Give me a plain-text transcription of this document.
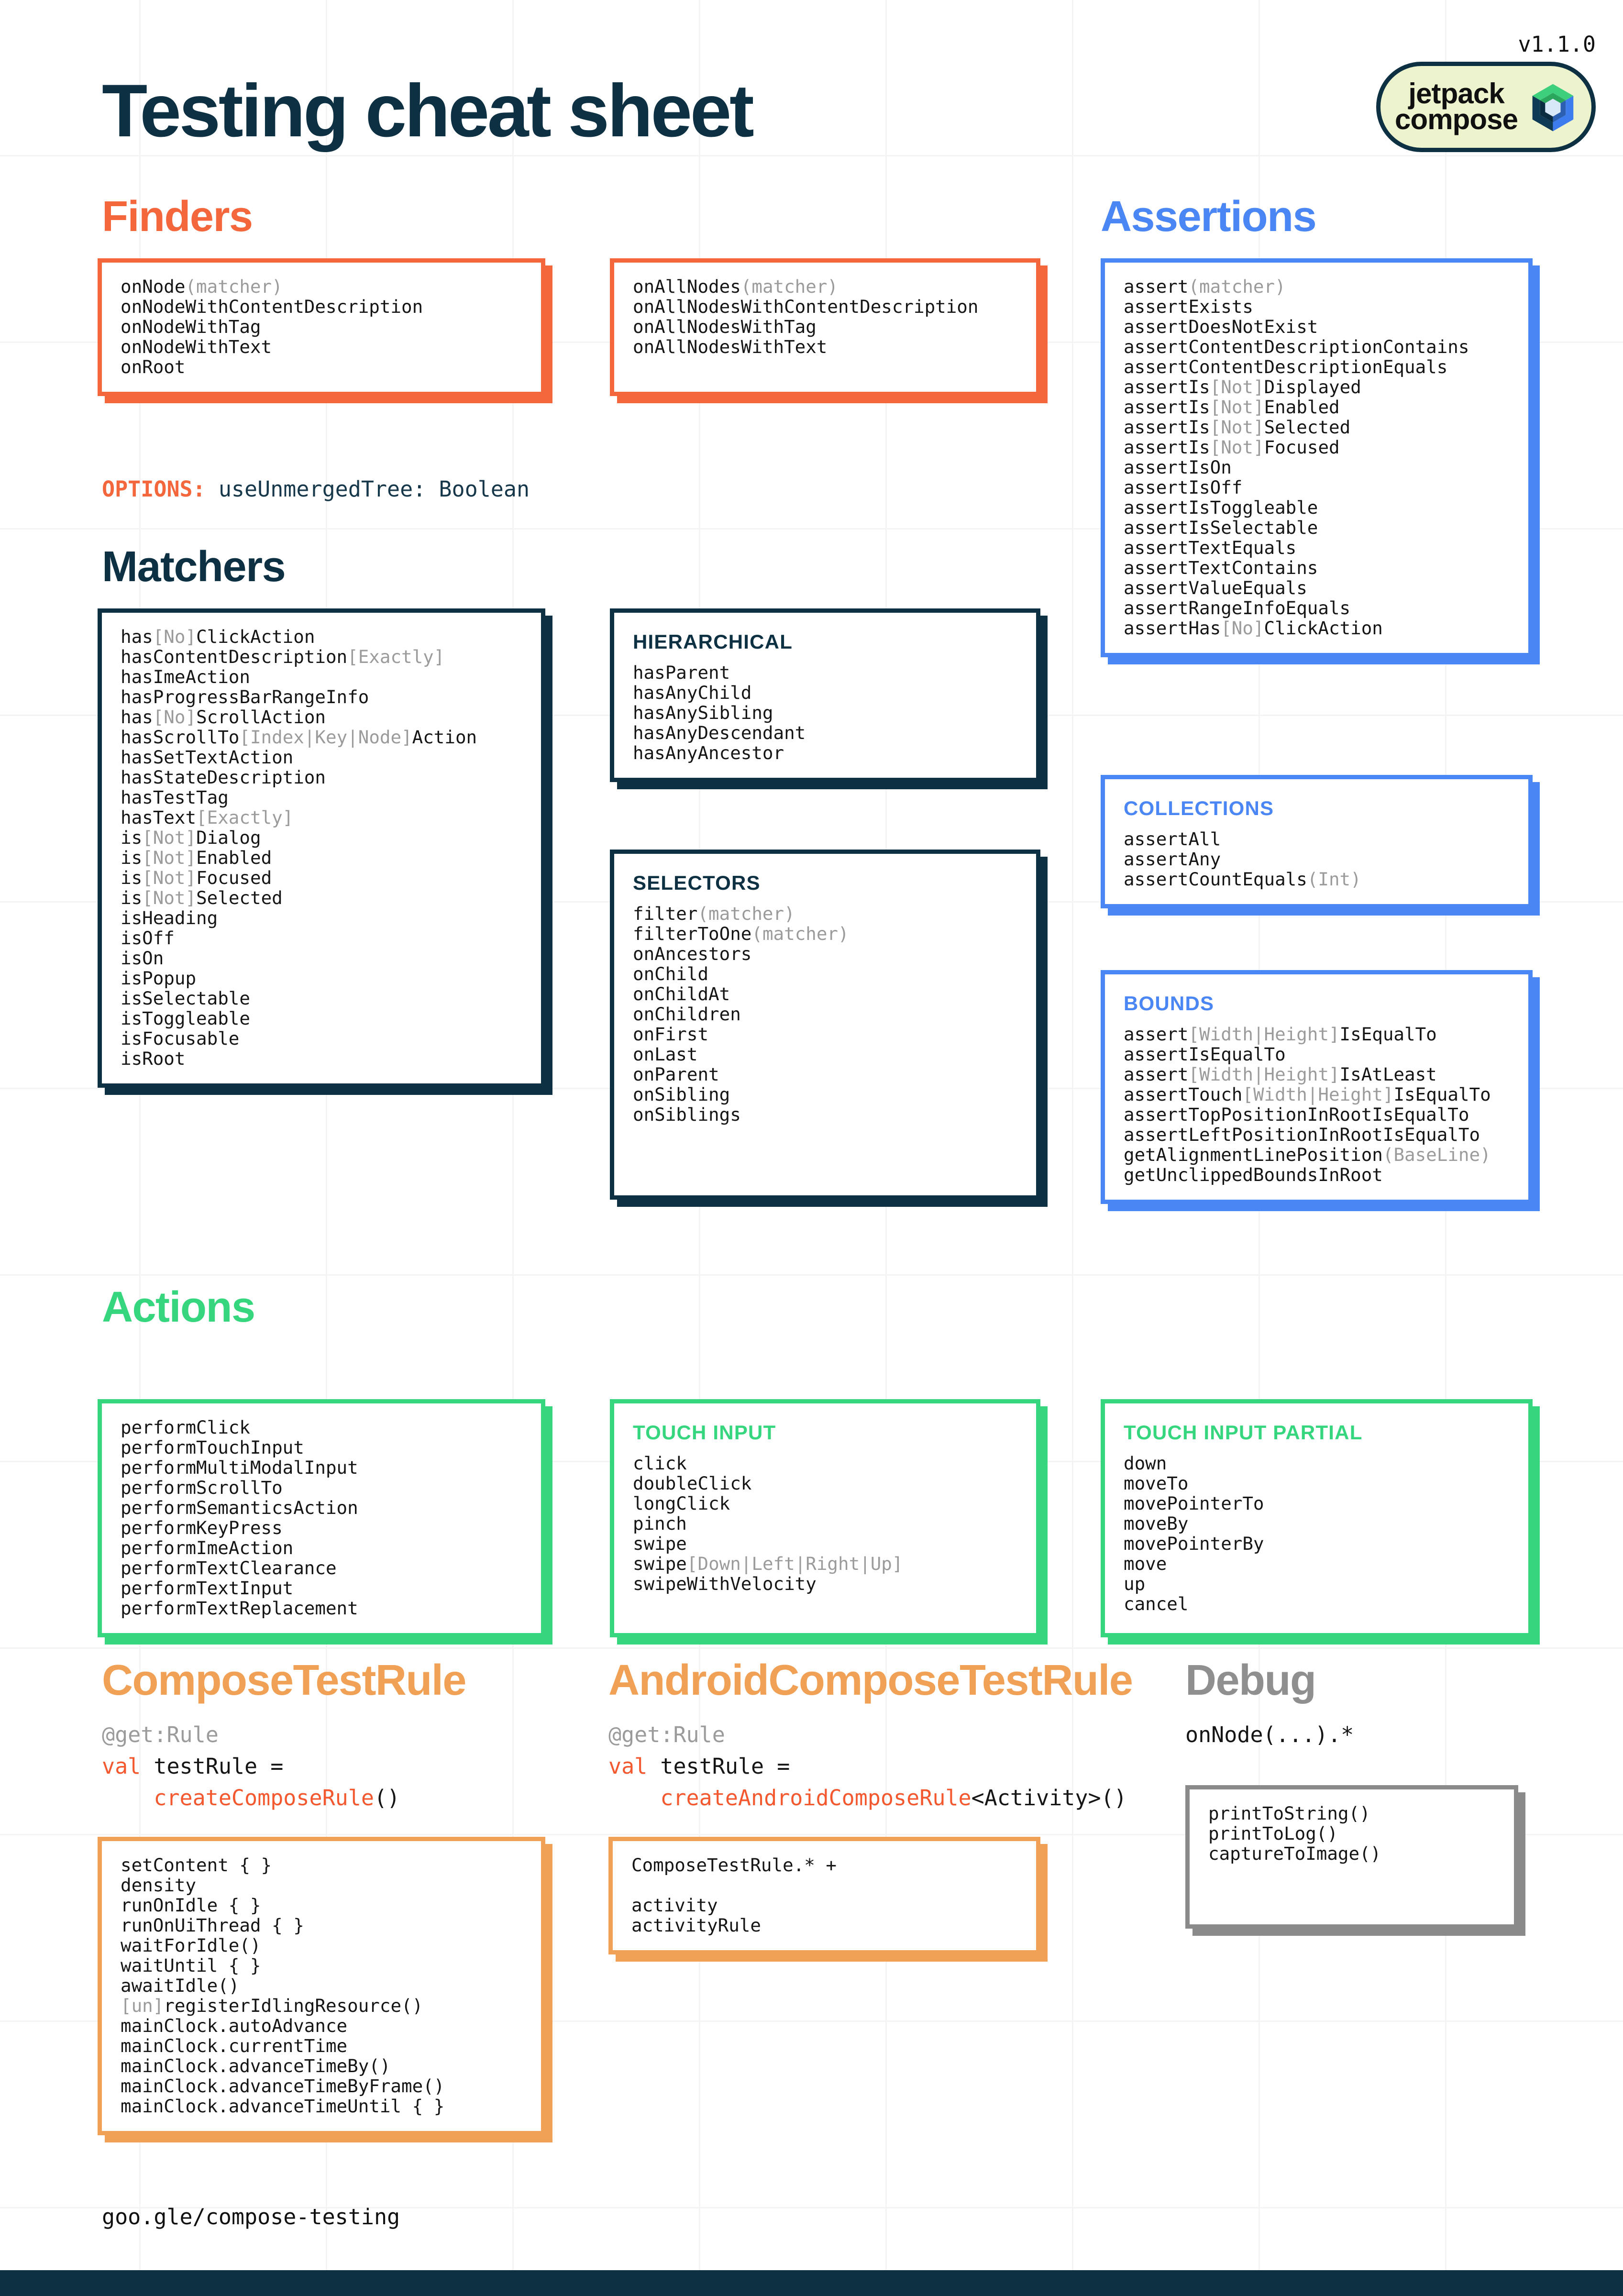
v1.1.0
jetpack
compose
Testing cheat sheet
Finders
onNode(matcher)
onNodeWithContentDescription
onNodeWithTag
onNodeWithText
onRoot
onAllNodes(matcher)
onAllNodesWithContentDescription
onAllNodesWithTag
onAllNodesWithText
OPTIONS: useUnmergedTree: Boolean
Assertions
assert(matcher)
assertExists
assertDoesNotExist
assertContentDescriptionContains
assertContentDescriptionEquals
assertIs[Not]Displayed
assertIs[Not]Enabled
assertIs[Not]Selected
assertIs[Not]Focused
assertIsOn
assertIsOff
assertIsToggleable
assertIsSelectable
assertTextEquals
assertTextContains
assertValueEquals
assertRangeInfoEquals
assertHas[No]ClickAction
COLLECTIONS
assertAll
assertAny
assertCountEquals(Int)
BOUNDS
assert[Width|Height]IsEqualTo
assertIsEqualTo
assert[Width|Height]IsAtLeast
assertTouch[Width|Height]IsEqualTo
assertTopPositionInRootIsEqualTo
assertLeftPositionInRootIsEqualTo
getAlignmentLinePosition(BaseLine)
getUnclippedBoundsInRoot
Matchers
has[No]ClickAction
hasContentDescription[Exactly]
hasImeAction
hasProgressBarRangeInfo
has[No]ScrollAction
hasScrollTo[Index|Key|Node]Action
hasSetTextAction
hasStateDescription
hasTestTag
hasText[Exactly]
is[Not]Dialog
is[Not]Enabled
is[Not]Focused
is[Not]Selected
isHeading
isOff
isOn
isPopup
isSelectable
isToggleable
isFocusable
isRoot
HIERARCHICAL
hasParent
hasAnyChild
hasAnySibling
hasAnyDescendant
hasAnyAncestor
SELECTORS
filter(matcher)
filterToOne(matcher)
onAncestors
onChild
onChildAt
onChildren
onFirst
onLast
onParent
onSibling
onSiblings
Actions
performClick
performTouchInput
performMultiModalInput
performScrollTo
performSemanticsAction
performKeyPress
performImeAction
performTextClearance
performTextInput
performTextReplacement
TOUCH INPUT
click
doubleClick
longClick
pinch
swipe
swipe[Down|Left|Right|Up]
swipeWithVelocity
TOUCH INPUT PARTIAL
down
moveTo
movePointerTo
moveBy
movePointerBy
move
up
cancel
ComposeTestRule	AndroidComposeTestRule	Debug
@get:Rule
val testRule =
createComposeRule()
@get:Rule
val testRule =
createAndroidComposeRule<Activity>()
onNode(...).*
setContent { }
density
runOnIdle { }
runOnUiThread { }
waitForIdle()
waitUntil { }
awaitIdle()
[un]registerIdlingResource()
mainClock.autoAdvance
mainClock.currentTime
mainClock.advanceTimeBy()
mainClock.advanceTimeByFrame()
mainClock.advanceTimeUntil { }
ComposeTestRule.* +

activity
activityRule
printToString()
printToLog()
captureToImage()
goo.gle/compose-testing
